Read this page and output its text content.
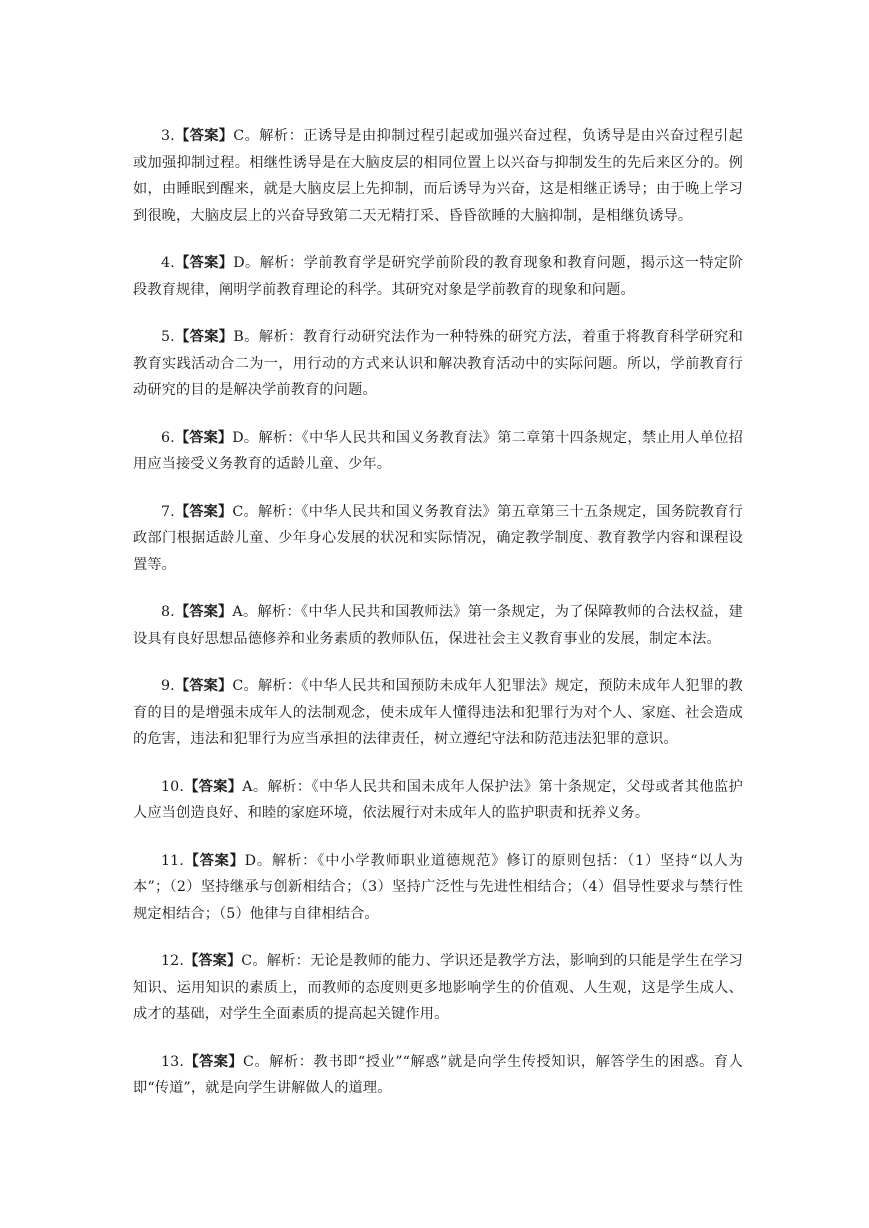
3.【答案】C。解析：正诱导是由抑制过程引起或加强兴奋过程，负诱导是由兴奋过程引起或加强抑制过程。相继性诱导是在大脑皮层的相同位置上以兴奋与抑制发生的先后来区分的。例如，由睡眠到醒来，就是大脑皮层上先抑制，而后诱导为兴奋，这是相继正诱导；由于晚上学习到很晚，大脑皮层上的兴奋导致第二天无精打采、昏昏欲睡的大脑抑制，是相继负诱导。

4.【答案】D。解析：学前教育学是研究学前阶段的教育现象和教育问题，揭示这一特定阶段教育规律，阐明学前教育理论的科学。其研究对象是学前教育的现象和问题。

5.【答案】B。解析：教育行动研究法作为一种特殊的研究方法，着重于将教育科学研究和教育实践活动合二为一，用行动的方式来认识和解决教育活动中的实际问题。所以，学前教育行动研究的目的是解决学前教育的问题。

6.【答案】D。解析：《中华人民共和国义务教育法》第二章第十四条规定，禁止用人单位招用应当接受义务教育的适龄儿童、少年。

7.【答案】C。解析：《中华人民共和国义务教育法》第五章第三十五条规定，国务院教育行政部门根据适龄儿童、少年身心发展的状况和实际情况，确定教学制度、教育教学内容和课程设置等。

8.【答案】A。解析：《中华人民共和国教师法》第一条规定，为了保障教师的合法权益，建设具有良好思想品德修养和业务素质的教师队伍，保进社会主义教育事业的发展，制定本法。

9.【答案】C。解析：《中华人民共和国预防未成年人犯罪法》规定，预防未成年人犯罪的教育的目的是增强未成年人的法制观念，使未成年人懂得违法和犯罪行为对个人、家庭、社会造成的危害，违法和犯罪行为应当承担的法律责任，树立遵纪守法和防范违法犯罪的意识。

10.【答案】A。解析：《中华人民共和国未成年人保护法》第十条规定，父母或者其他监护人应当创造良好、和睦的家庭环境，依法履行对未成年人的监护职责和抚养义务。

11.【答案】D。解析：《中小学教师职业道德规范》修订的原则包括：（1）坚持“以人为本”；（2）坚持继承与创新相结合；（3）坚持广泛性与先进性相结合；（4）倡导性要求与禁行性规定相结合；（5）他律与自律相结合。

12.【答案】C。解析：无论是教师的能力、学识还是教学方法，影响到的只能是学生在学习知识、运用知识的素质上，而教师的态度则更多地影响学生的价值观、人生观，这是学生成人、成才的基础，对学生全面素质的提高起关键作用。

13.【答案】C。解析：教书即“授业”“解惑”就是向学生传授知识，解答学生的困惑。育人即“传道”，就是向学生讲解做人的道理。
